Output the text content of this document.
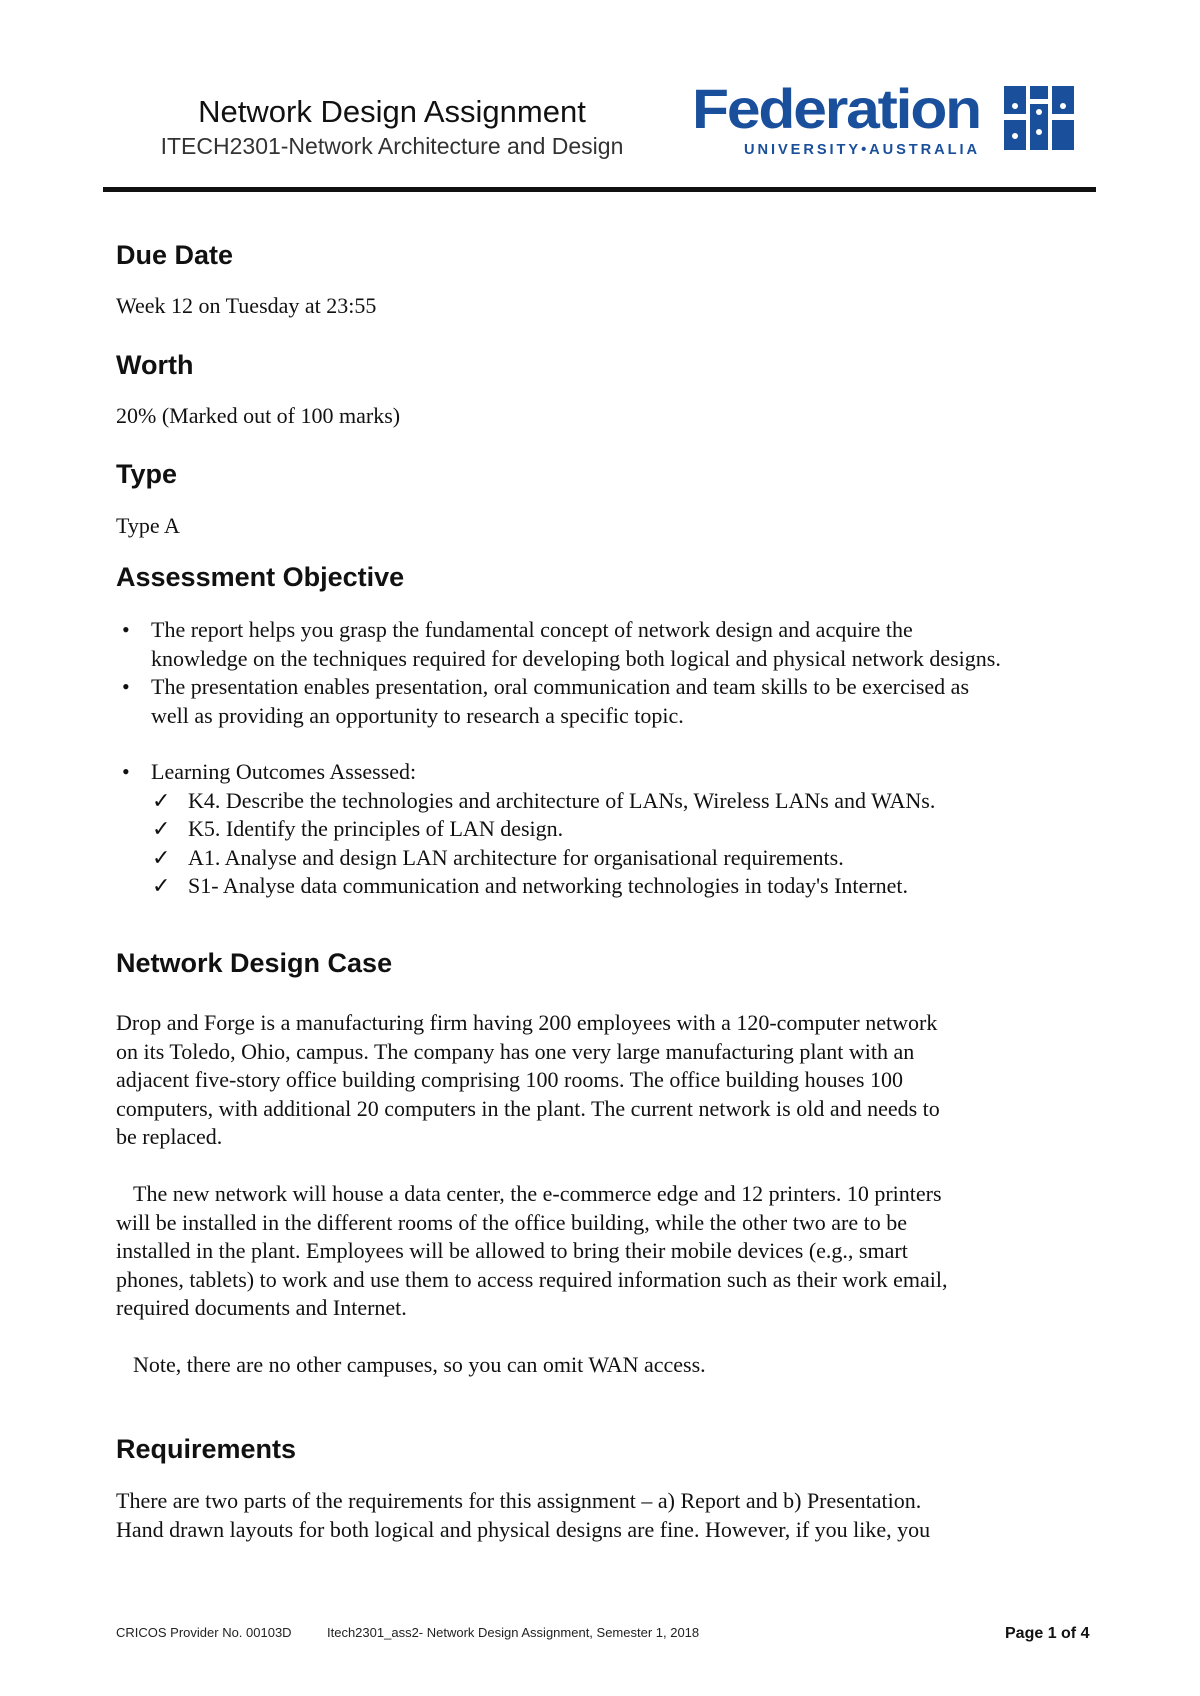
Network Design Assignment
ITECH2301-Network Architecture and Design
Federation
UNIVERSITY•AUSTRALIA
Due Date

Week 12 on Tuesday at 23:55

Worth

20% (Marked out of 100 marks)

Type

Type A

Assessment Objective
• The report helps you grasp the fundamental concept of network design and acquire the
knowledge on the techniques required for developing both logical and physical network designs.
• The presentation enables presentation, oral communication and team skills to be exercised as
well as providing an opportunity to research a specific topic.
• Learning Outcomes Assessed:
✓ K4. Describe the technologies and architecture of LANs, Wireless LANs and WANs.
✓ K5. Identify the principles of LAN design.
✓ A1. Analyse and design LAN architecture for organisational requirements.
✓ S1- Analyse data communication and networking technologies in today's Internet.
Network Design Case
Drop and Forge is a manufacturing firm having 200 employees with a 120-computer network
on its Toledo, Ohio, campus. The company has one very large manufacturing plant with an
adjacent five-story office building comprising 100 rooms. The office building houses 100
computers, with additional 20 computers in the plant. The current network is old and needs to
be replaced.
The new network will house a data center, the e-commerce edge and 12 printers. 10 printers
will be installed in the different rooms of the office building, while the other two are to be
installed in the plant. Employees will be allowed to bring their mobile devices (e.g., smart
phones, tablets) to work and use them to access required information such as their work email,
required documents and Internet.

Note, there are no other campuses, so you can omit WAN access.

Requirements
There are two parts of the requirements for this assignment – a) Report and b) Presentation.
Hand drawn layouts for both logical and physical designs are fine. However, if you like, you
CRICOS Provider No. 00103D	Itech2301_ass2- Network Design Assignment, Semester 1, 2018	Page 1 of 4
